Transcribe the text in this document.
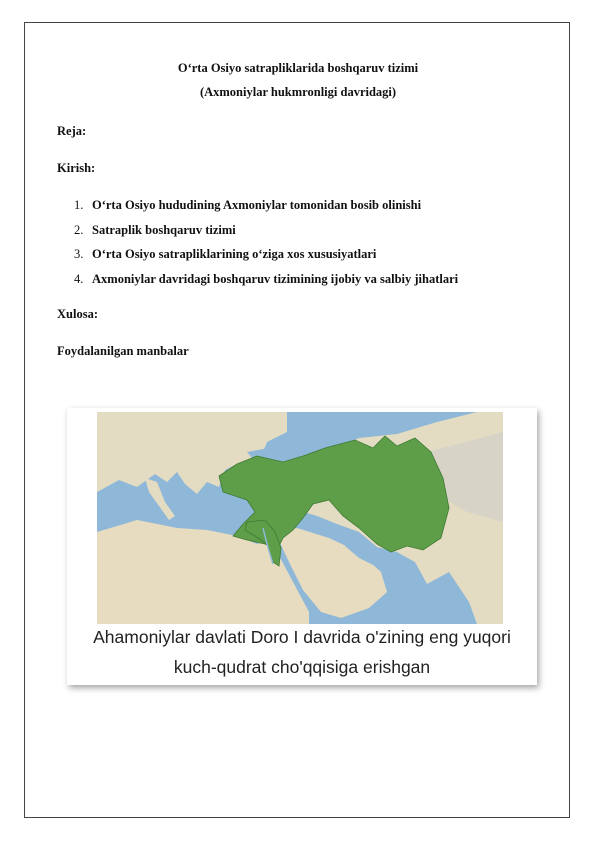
O‘rta Osiyo satrapliklarida boshqaruv tizimi
(Axmoniylar hukmronligi davridagi)
Reja:
Kirish:
1. O‘rta Osiyo hududining Axmoniylar tomonidan bosib olinishi
2. Satraplik boshqaruv tizimi
3. O‘rta Osiyo satrapliklarining o‘ziga xos xususiyatlari
4. Axmoniylar davridagi boshqaruv tizimining ijobiy va salbiy jihatlari
Xulosa:
Foydalanilgan manbalar
Ahamoniylar davlati Doro I davrida o'zining eng yuqori
kuch-qudrat cho'qqisiga erishgan
